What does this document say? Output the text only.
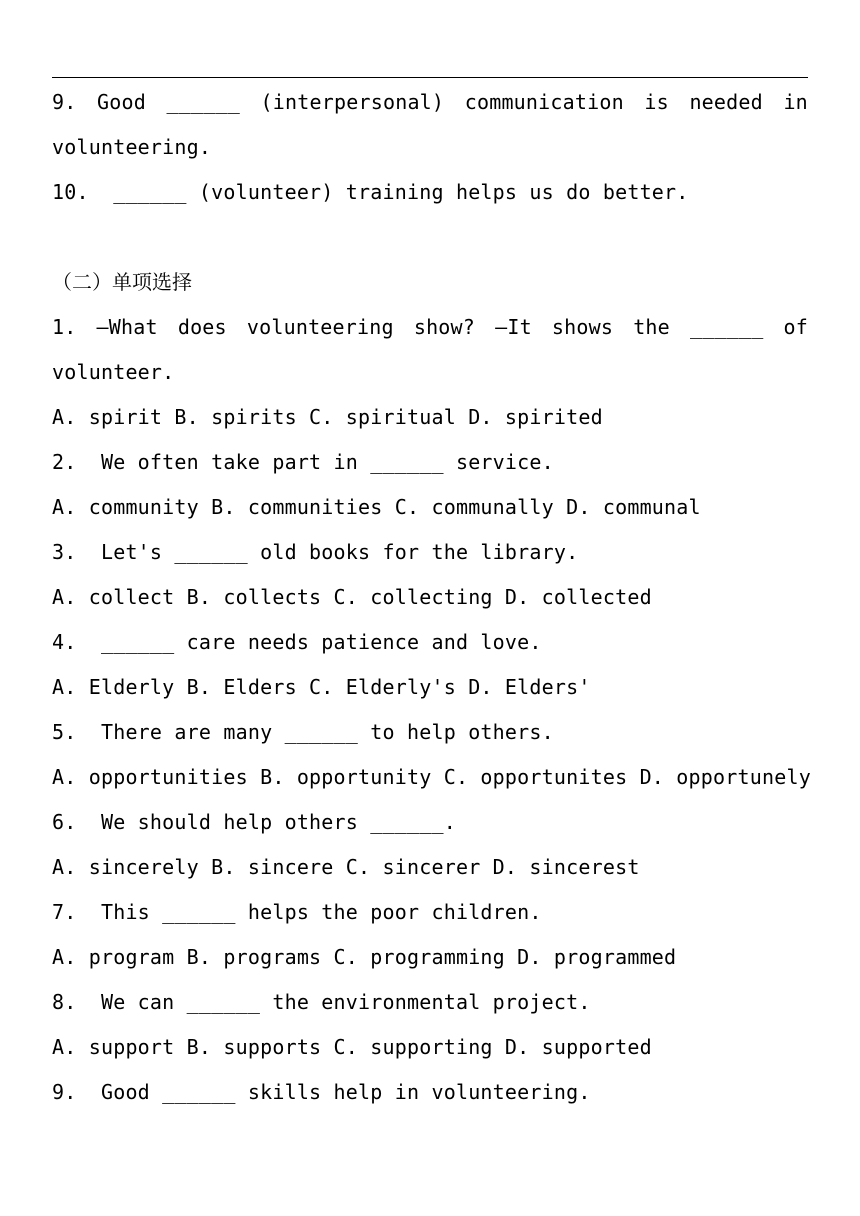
9. Good ______ (interpersonal) communication is needed in
volunteering.
10.  ______ (volunteer) training helps us do better.
（二）单项选择
1. —What does volunteering show? —It shows the ______ of
volunteer.
A. spirit B. spirits C. spiritual D. spirited
2.  We often take part in ______ service.
A. community B. communities C. communally D. communal
3.  Let's ______ old books for the library.
A. collect B. collects C. collecting D. collected
4.  ______ care needs patience and love.
A. Elderly B. Elders C. Elderly's D. Elders'
5.  There are many ______ to help others.
A. opportunities B. opportunity C. opportunites D. opportunely
6.  We should help others ______.
A. sincerely B. sincere C. sincerer D. sincerest
7.  This ______ helps the poor children.
A. program B. programs C. programming D. programmed
8.  We can ______ the environmental project.
A. support B. supports C. supporting D. supported
9.  Good ______ skills help in volunteering.
